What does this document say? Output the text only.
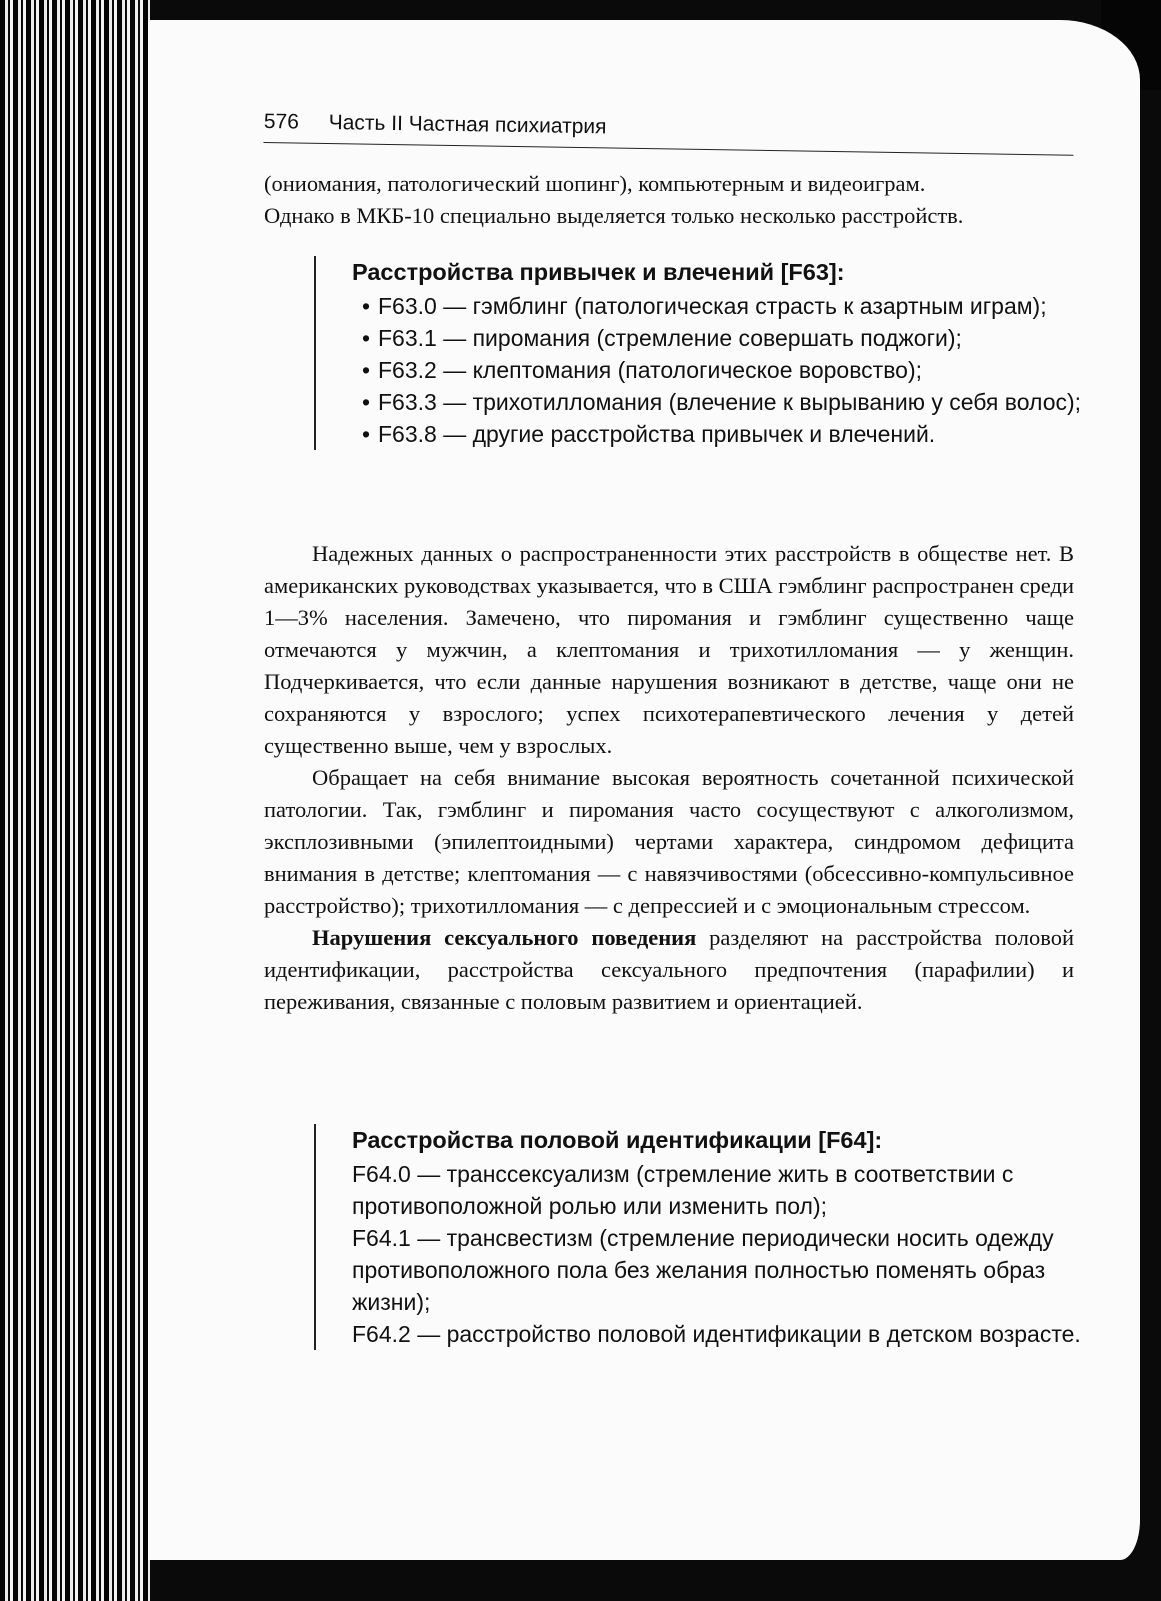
576 Часть II Частная психиатрия

(ониомания, патологический шопинг), компьютерным и видеоиграм.

Однако в МКБ-10 специально выделяется только несколько расстройств.

Расстройства привычек и влечений [F63]:

• F63.0 — гэмблинг (патологическая страсть к азартным играм);

• F63.1 — пиромания (стремление совершать поджоги);

• F63.2 — клептомания (патологическое воровство);

• F63.3 — трихотилломания (влечение к вырыванию у себя волос);

• F63.8 — другие расстройства привычек и влечений.

Надежных данных о распространенности этих расстройств в обществе нет. В американских руководствах указывается, что в США гэмблинг распространен среди 1—3% населения. Замечено, что пиромания и гэмблинг существенно чаще отмечаются у мужчин, а клептомания и трихотилломания — у женщин. Подчеркивается, что если данные нарушения возникают в детстве, чаще они не сохраняются у взрослого; успех психотерапевтического лечения у детей существенно выше, чем у взрослых.

Обращает на себя внимание высокая вероятность сочетанной психической патологии. Так, гэмблинг и пиромания часто сосуществуют с алкоголизмом, эксплозивными (эпилептоидными) чертами характера, синдромом дефицита внимания в детстве; клептомания — с навязчивостями (обсессивно-компульсивное расстройство); трихотилломания — с депрессией и с эмоциональным стрессом.

Нарушения сексуального поведения разделяют на расстройства половой идентификации, расстройства сексуального предпочтения (парафилии) и переживания, связанные с половым развитием и ориентацией.

Расстройства половой идентификации [F64]:

F64.0 — транссексуализм (стремление жить в соответствии с противоположной ролью или изменить пол);

F64.1 — трансвестизм (стремление периодически носить одежду противоположного пола без желания полностью поменять образ жизни);

F64.2 — расстройство половой идентификации в детском возрасте.
